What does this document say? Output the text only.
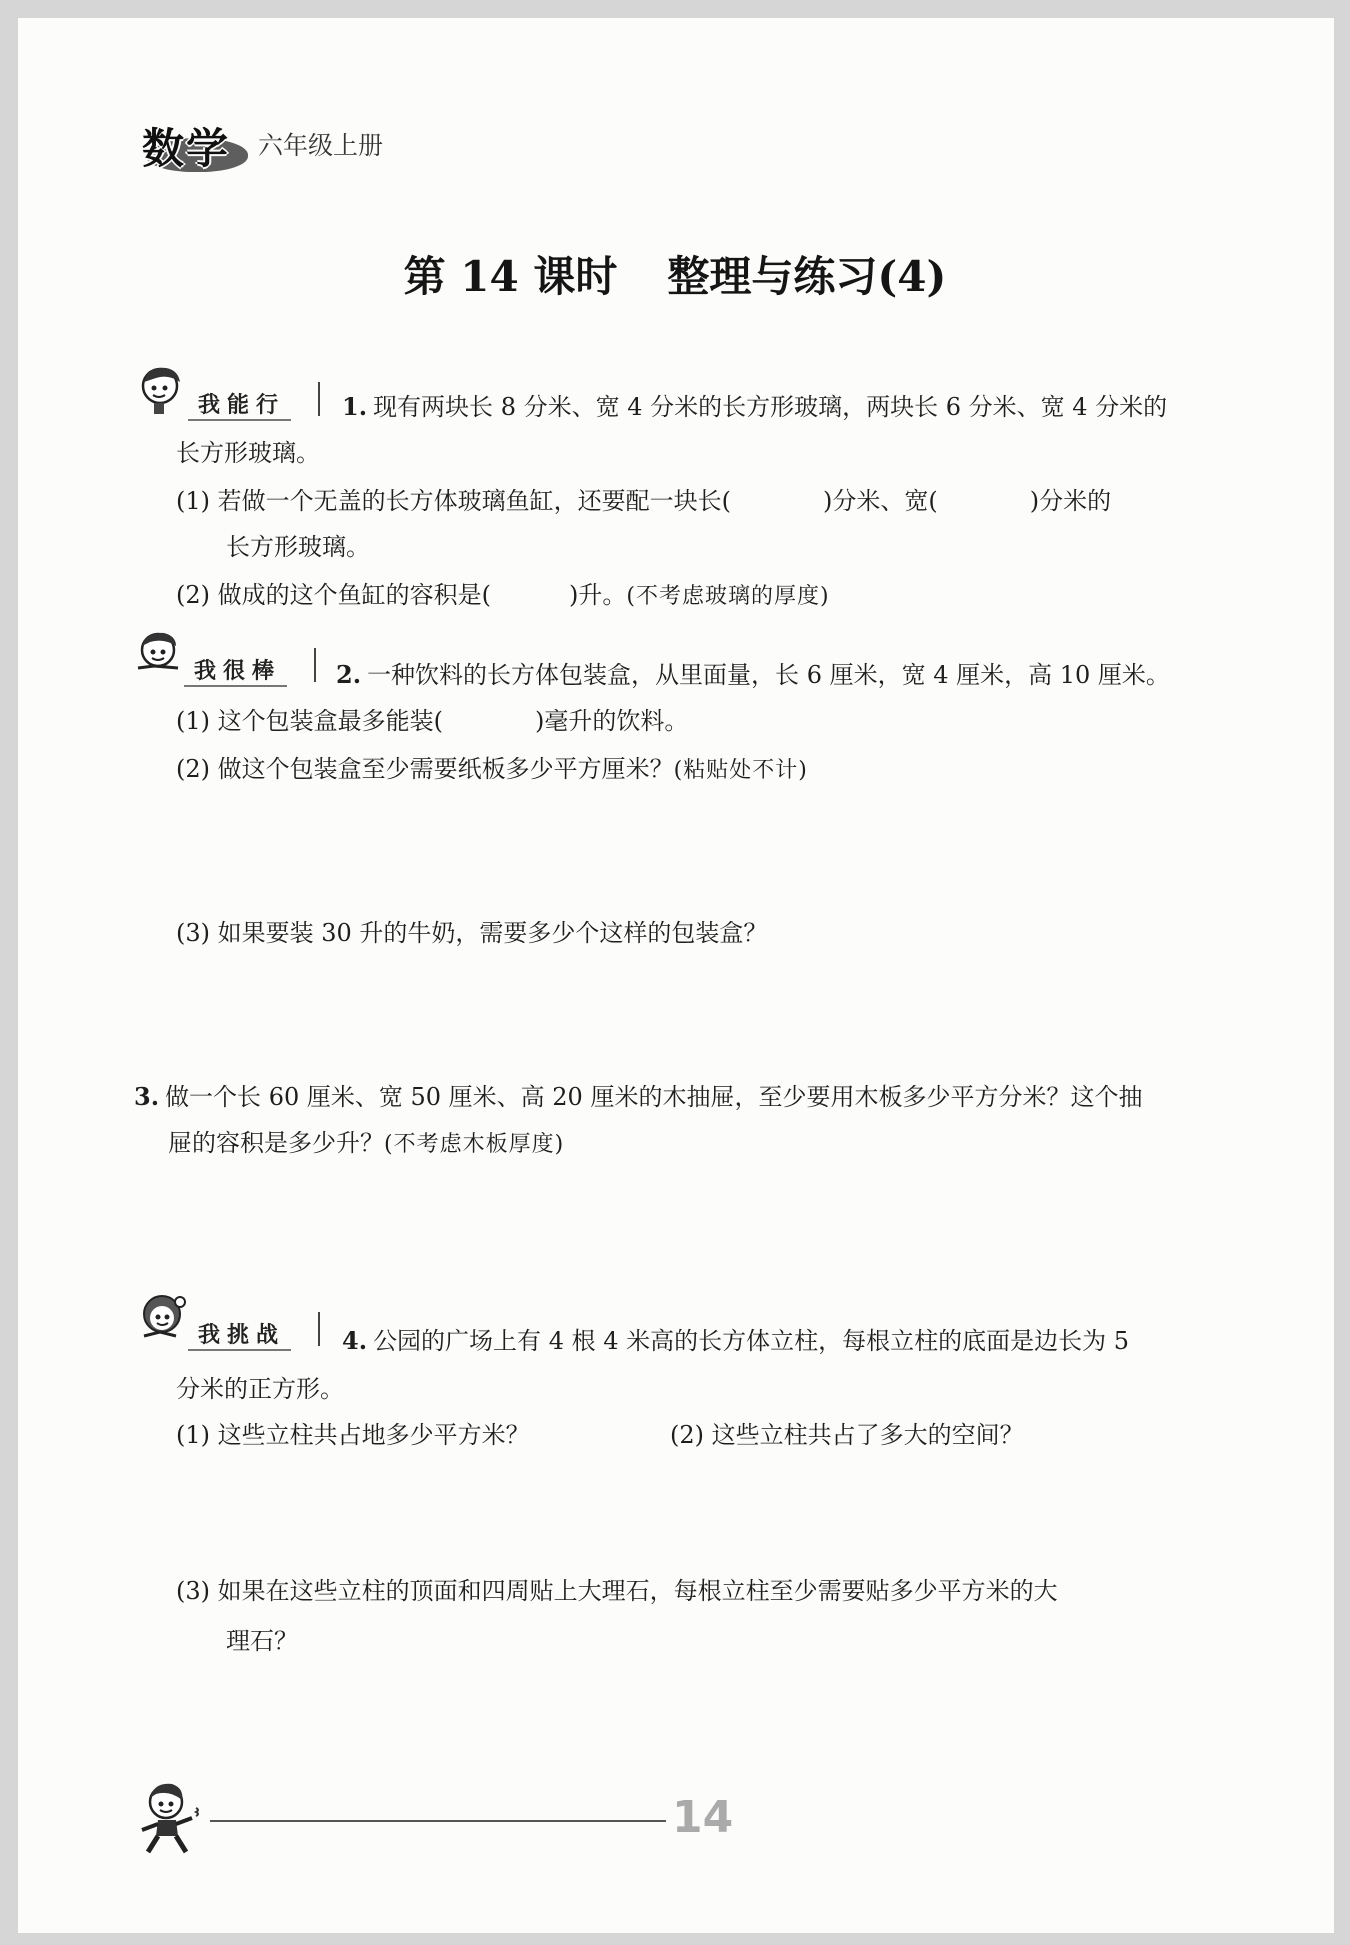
数学 六年级上册
第 14 课时 整理与练习(4)
我能行 1. 现有两块长 8 分米、宽 4 分米的长方形玻璃，两块长 6 分米、宽 4 分米的
长方形玻璃。
(1) 若做一个无盖的长方体玻璃鱼缸，还要配一块长(	)分米、宽(	)分米的
长方形玻璃。
(2) 做成的这个鱼缸的容积是(	)升。(不考虑玻璃的厚度)
我很棒 2. 一种饮料的长方体包装盒，从里面量，长 6 厘米，宽 4 厘米，高 10 厘米。
(1) 这个包装盒最多能装(	)毫升的饮料。
(2) 做这个包装盒至少需要纸板多少平方厘米？(粘贴处不计)
(3) 如果要装 30 升的牛奶，需要多少个这样的包装盒？
3. 做一个长 60 厘米、宽 50 厘米、高 20 厘米的木抽屉，至少要用木板多少平方分米？这个抽
屉的容积是多少升？(不考虑木板厚度)
我挑战 4. 公园的广场上有 4 根 4 米高的长方体立柱，每根立柱的底面是边长为 5
分米的正方形。
(1) 这些立柱共占地多少平方米？	(2) 这些立柱共占了多大的空间？
(3) 如果在这些立柱的顶面和四周贴上大理石，每根立柱至少需要贴多少平方米的大
理石？
14
